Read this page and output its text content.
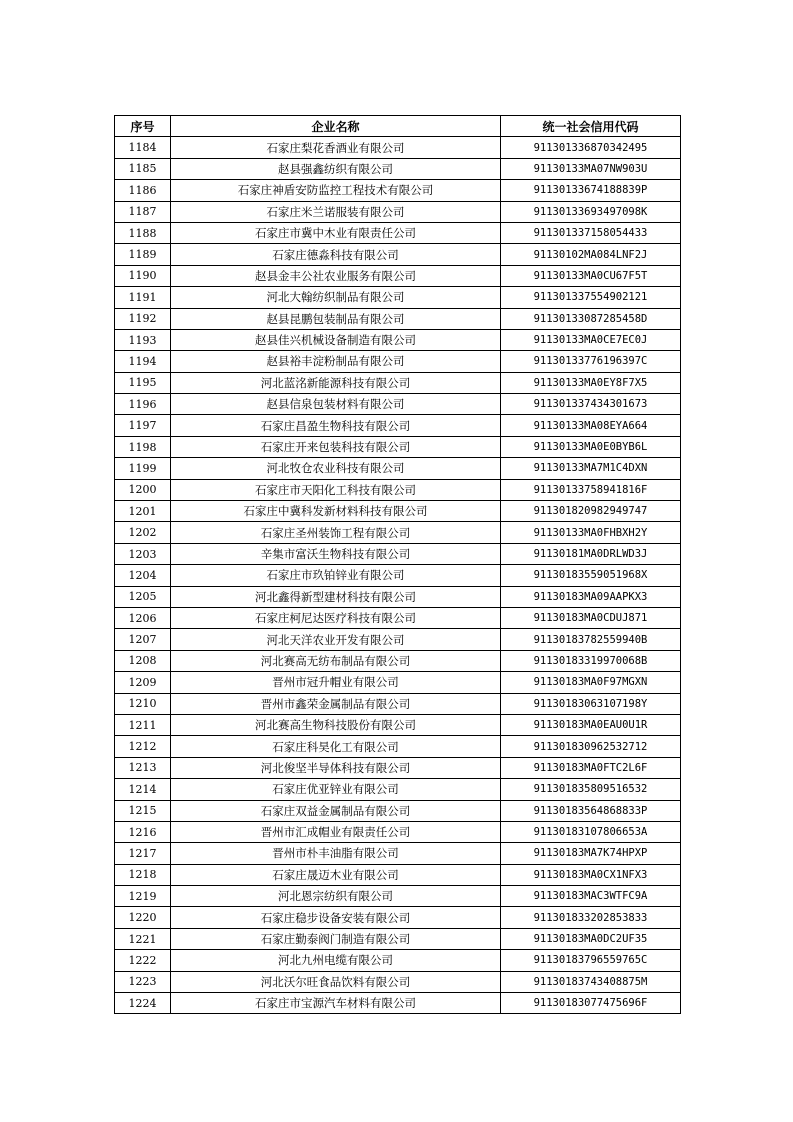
序号	企业名称	统一社会信用代码
1184	石家庄梨花香酒业有限公司	911301336870342495
1185	赵县强鑫纺织有限公司	91130133MA07NW903U
1186	石家庄神盾安防监控工程技术有限公司	91130133674188839P
1187	石家庄米兰诺服装有限公司	91130133693497098K
1188	石家庄市冀中木业有限责任公司	911301337158054433
1189	石家庄德淼科技有限公司	91130102MA084LNF2J
1190	赵县金丰公社农业服务有限公司	91130133MA0CU67F5T
1191	河北大翰纺织制品有限公司	911301337554902121
1192	赵县昆鹏包装制品有限公司	91130133087285458D
1193	赵县佳兴机械设备制造有限公司	91130133MA0CE7EC0J
1194	赵县裕丰淀粉制品有限公司	91130133776196397C
1195	河北蓝洺新能源科技有限公司	91130133MA0EY8F7X5
1196	赵县信泉包装材料有限公司	911301337434301673
1197	石家庄昌盈生物科技有限公司	91130133MA08EYA664
1198	石家庄开来包装科技有限公司	91130133MA0E0BYB6L
1199	河北牧仓农业科技有限公司	91130133MA7M1C4DXN
1200	石家庄市天阳化工科技有限公司	91130133758941816F
1201	石家庄中冀科发新材料科技有限公司	911301820982949747
1202	石家庄圣州装饰工程有限公司	91130133MA0FHBXH2Y
1203	辛集市富沃生物科技有限公司	91130181MA0DRLWD3J
1204	石家庄市玖铂锌业有限公司	91130183559051968X
1205	河北鑫得新型建材科技有限公司	91130183MA09AAPKX3
1206	石家庄柯尼达医疗科技有限公司	91130183MA0CDUJ871
1207	河北天洋农业开发有限公司	91130183782559940B
1208	河北赛高无纺布制品有限公司	91130183319970068B
1209	晋州市冠升帽业有限公司	91130183MA0F97MGXN
1210	晋州市鑫荣金属制品有限公司	91130183063107198Y
1211	河北赛高生物科技股份有限公司	91130183MA0EAU0U1R
1212	石家庄科昊化工有限公司	911301830962532712
1213	河北俊坚半导体科技有限公司	91130183MA0FTC2L6F
1214	石家庄优亚锌业有限公司	911301835809516532
1215	石家庄双益金属制品有限公司	91130183564868833P
1216	晋州市汇成帽业有限责任公司	91130183107806653A
1217	晋州市朴丰油脂有限公司	91130183MA7K74HPXP
1218	石家庄晟迈木业有限公司	91130183MA0CX1NFX3
1219	河北恩宗纺织有限公司	91130183MAC3WTFC9A
1220	石家庄稳步设备安装有限公司	911301833202853833
1221	石家庄勤泰阀门制造有限公司	91130183MA0DC2UF35
1222	河北九州电缆有限公司	91130183796559765C
1223	河北沃尔旺食品饮料有限公司	91130183743408875M
1224	石家庄市宝源汽车材料有限公司	91130183077475696F
